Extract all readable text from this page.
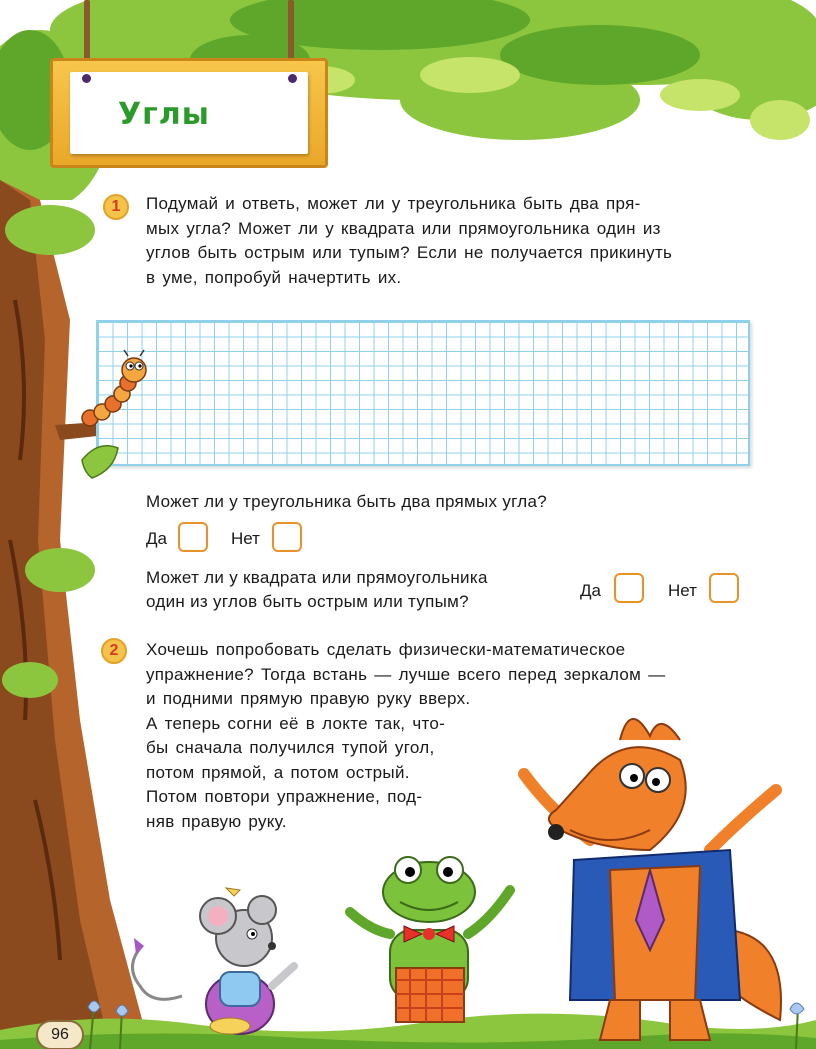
Углы
1 Подумай и ответь, может ли у треугольника быть два пря-
мых угла? Может ли у квадрата или прямоугольника один из
углов быть острым или тупым? Если не получается прикинуть
в уме, попробуй начертить их.
Может ли у треугольника быть два прямых угла?
Да	Нет
Может ли у квадрата или прямоугольника
один из углов быть острым или тупым?
Да	Нет
2 Хочешь попробовать сделать физически-математическое
упражнение? Тогда встань — лучше всего перед зеркалом —
и подними прямую правую руку вверх.
А теперь согни её в локте так, что-
бы сначала получился тупой угол,
потом прямой, а потом острый.
Потом повтори упражнение, под-
няв правую руку.
96
